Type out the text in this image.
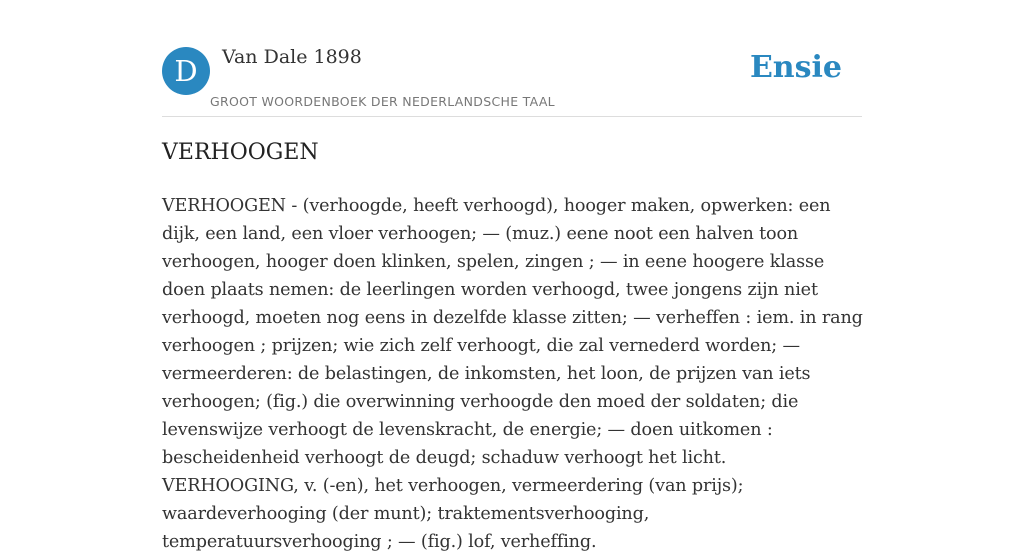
D	Van Dale 1898
GROOT WOORDENBOEK DER NEDERLANDSCHE TAAL
Ensie
VERHOOGEN

VERHOOGEN - (verhoogde, heeft verhoogd), hooger maken, opwerken: een dijk, een land, een vloer verhoogen; — (muz.) eene noot een halven toon verhoogen, hooger doen klinken, spelen, zingen ; — in eene hoogere klasse doen plaats nemen: de leerlingen worden verhoogd, twee jongens zijn niet verhoogd, moeten nog eens in dezelfde klasse zitten; — verheffen : iem. in rang verhoogen ; prijzen; wie zich zelf verhoogt, die zal vernederd worden; — vermeerderen: de belastingen, de inkomsten, het loon, de prijzen van iets verhoogen; (fig.) die overwinning verhoogde den moed der soldaten; die levenswijze verhoogt de levenskracht, de energie; — doen uitkomen : bescheidenheid verhoogt de deugd; schaduw verhoogt het licht. VERHOOGING, v. (-en), het verhoogen, vermeerdering (van prijs); waardeverhooging (der munt); traktementsverhooging, temperatuursverhooging ; — (fig.) lof, verheffing.
